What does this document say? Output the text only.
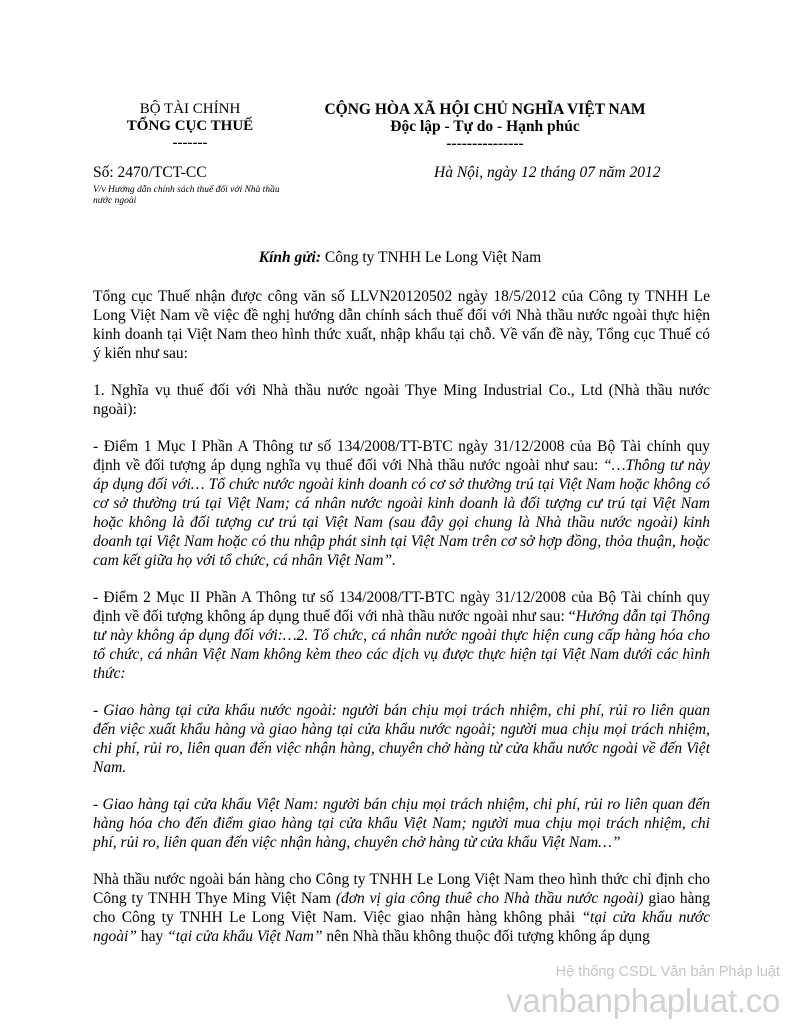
BỘ TÀI CHÍNH
TỔNG CỤC THUẾ
-------
CỘNG HÒA XÃ HỘI CHỦ NGHĨA VIỆT NAM
Độc lập - Tự do - Hạnh phúc
---------------
Số: 2470/TCT-CC
V/v Hướng dẫn chính sách thuế đối với Nhà thầu nước ngoài
Hà Nội, ngày 12 tháng 07 năm 2012
Kính gửi: Công ty TNHH Le Long Việt Nam

Tổng cục Thuế nhận được công văn số LLVN20120502 ngày 18/5/2012 của Công ty TNHH Le Long Việt Nam về việc đề nghị hướng dẫn chính sách thuế đối với Nhà thầu nước ngoài thực hiện kinh doanh tại Việt Nam theo hình thức xuất, nhập khẩu tại chỗ. Về vấn đề này, Tổng cục Thuế có ý kiến như sau:

1. Nghĩa vụ thuế đối với Nhà thầu nước ngoài Thye Ming Industrial Co., Ltd (Nhà thầu nước ngoài):

- Điểm 1 Mục I Phần A Thông tư số 134/2008/TT-BTC ngày 31/12/2008 của Bộ Tài chính quy định về đối tượng áp dụng nghĩa vụ thuế đối với Nhà thầu nước ngoài như sau: “…Thông tư này áp dụng đối với… Tổ chức nước ngoài kinh doanh có cơ sở thường trú tại Việt Nam hoặc không có cơ sở thường trú tại Việt Nam; cá nhân nước ngoài kinh doanh là đối tượng cư trú tại Việt Nam hoặc không là đối tượng cư trú tại Việt Nam (sau đây gọi chung là Nhà thầu nước ngoài) kinh doanh tại Việt Nam hoặc có thu nhập phát sinh tại Việt Nam trên cơ sở hợp đồng, thỏa thuận, hoặc cam kết giữa họ với tổ chức, cá nhân Việt Nam”.

- Điểm 2 Mục II Phần A Thông tư số 134/2008/TT-BTC ngày 31/12/2008 của Bộ Tài chính quy định về đối tượng không áp dụng thuế đối với nhà thầu nước ngoài như sau: “Hướng dẫn tại Thông tư này không áp dụng đối với:…2. Tổ chức, cá nhân nước ngoài thực hiện cung cấp hàng hóa cho tổ chức, cá nhân Việt Nam không kèm theo các dịch vụ được thực hiện tại Việt Nam dưới các hình thức:

- Giao hàng tại cửa khẩu nước ngoài: người bán chịu mọi trách nhiệm, chi phí, rủi ro liên quan đến việc xuất khẩu hàng và giao hàng tại cửa khẩu nước ngoài; người mua chịu mọi trách nhiệm, chi phí, rủi ro, liên quan đến việc nhận hàng, chuyên chở hàng từ cửa khẩu nước ngoài về đến Việt Nam.

- Giao hàng tại cửa khẩu Việt Nam: người bán chịu mọi trách nhiệm, chi phí, rủi ro liên quan đến hàng hóa cho đến điểm giao hàng tại cửa khẩu Việt Nam; người mua chịu mọi trách nhiệm, chi phí, rủi ro, liên quan đến việc nhận hàng, chuyên chở hàng từ cửa khẩu Việt Nam…”

Nhà thầu nước ngoài bán hàng cho Công ty TNHH Le Long Việt Nam theo hình thức chỉ định cho Công ty TNHH Thye Ming Việt Nam (đơn vị gia công thuê cho Nhà thầu nước ngoài) giao hàng cho Công ty TNHH Le Long Việt Nam. Việc giao nhận hàng không phải “tại cửa khẩu nước ngoài” hay “tại cửa khẩu Việt Nam” nên Nhà thầu không thuộc đối tượng không áp dụng

Hệ thống CSDL Văn bản Pháp luật
vanbanphapluat.co
